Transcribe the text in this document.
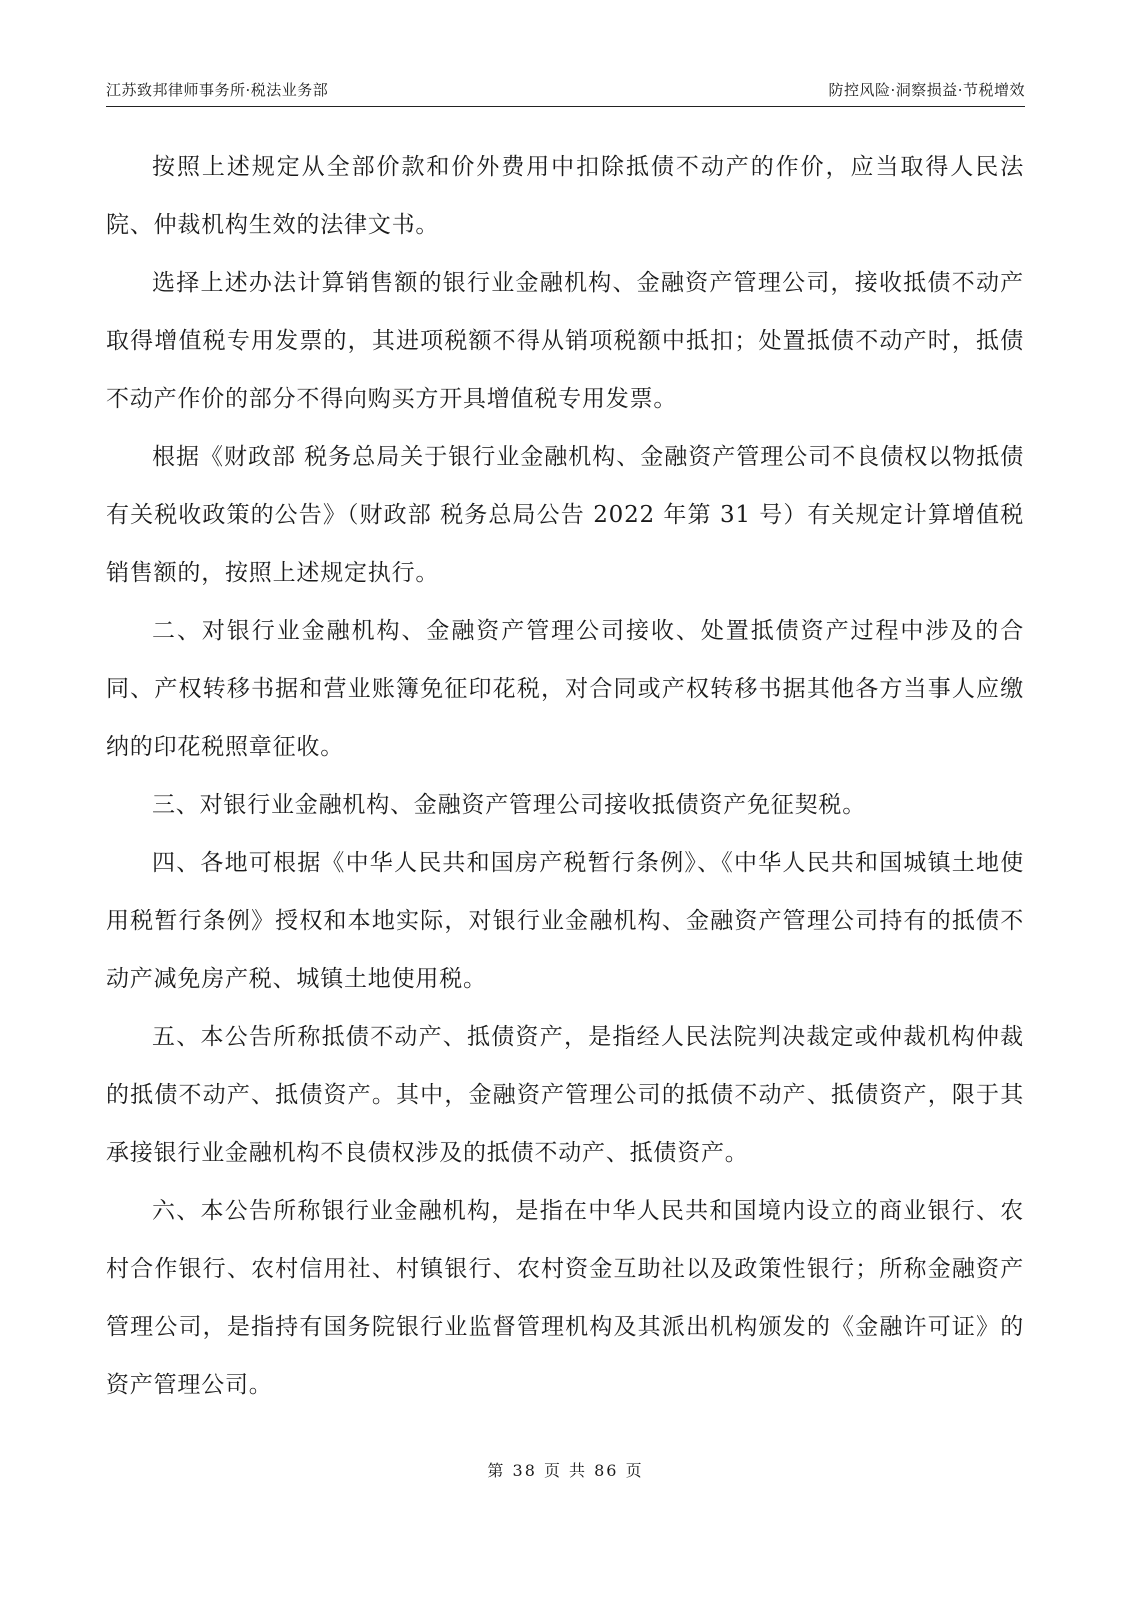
江苏致邦律师事务所·税法业务部	防控风险·洞察损益·节税增效

按照上述规定从全部价款和价外费用中扣除抵债不动产的作价，应当取得人民法院、仲裁机构生效的法律文书。

选择上述办法计算销售额的银行业金融机构、金融资产管理公司，接收抵债不动产取得增值税专用发票的，其进项税额不得从销项税额中抵扣；处置抵债不动产时，抵债不动产作价的部分不得向购买方开具增值税专用发票。

根据《财政部 税务总局关于银行业金融机构、金融资产管理公司不良债权以物抵债有关税收政策的公告》（财政部 税务总局公告 2022 年第 31 号）有关规定计算增值税销售额的，按照上述规定执行。

二、对银行业金融机构、金融资产管理公司接收、处置抵债资产过程中涉及的合同、产权转移书据和营业账簿免征印花税，对合同或产权转移书据其他各方当事人应缴纳的印花税照章征收。

三、对银行业金融机构、金融资产管理公司接收抵债资产免征契税。

四、各地可根据《中华人民共和国房产税暂行条例》、《中华人民共和国城镇土地使用税暂行条例》授权和本地实际，对银行业金融机构、金融资产管理公司持有的抵债不动产减免房产税、城镇土地使用税。

五、本公告所称抵债不动产、抵债资产，是指经人民法院判决裁定或仲裁机构仲裁的抵债不动产、抵债资产。其中，金融资产管理公司的抵债不动产、抵债资产，限于其承接银行业金融机构不良债权涉及的抵债不动产、抵债资产。

六、本公告所称银行业金融机构，是指在中华人民共和国境内设立的商业银行、农村合作银行、农村信用社、村镇银行、农村资金互助社以及政策性银行；所称金融资产管理公司，是指持有国务院银行业监督管理机构及其派出机构颁发的《金融许可证》的资产管理公司。

第 38 页 共 86 页
